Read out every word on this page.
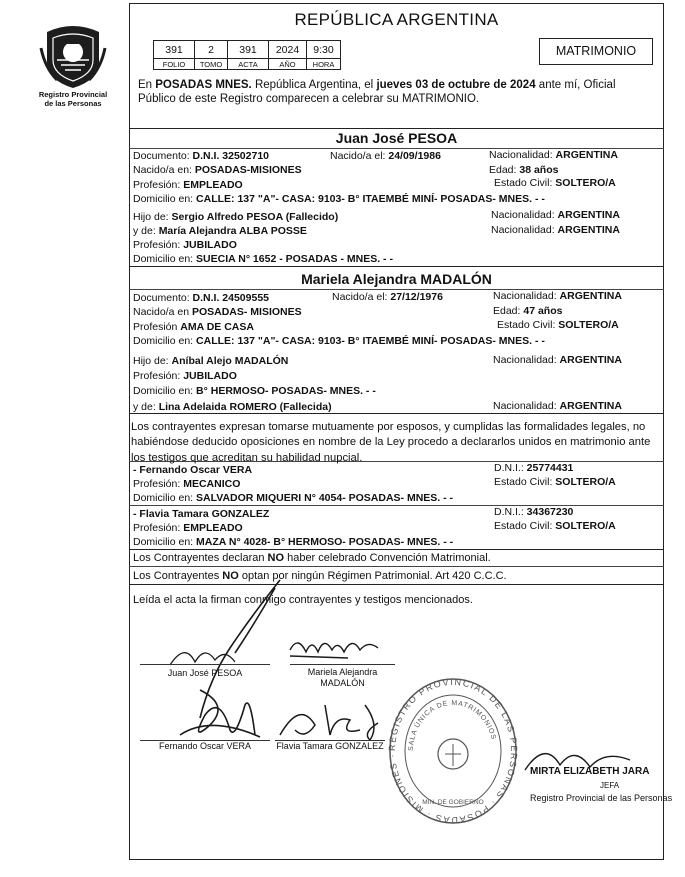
Registro Provincial
de las Personas
REPÚBLICA ARGENTINA
391	2	391	2024	9:30
FOLIO	TOMO	ACTA	AÑO	HORA
MATRIMONIO
En POSADAS MNES. República Argentina, el jueves 03 de octubre de 2024 ante mí, Oficial
Público de este Registro comparecen a celebrar su MATRIMONIO.
Juan José PESOA
Documento: D.N.I. 32502710	Nacido/a el: 24/09/1986	Nacionalidad: ARGENTINA
Nacido/a en: POSADAS-MISIONES	Edad: 38 años
Profesión: EMPLEADO	Estado Civil: SOLTERO/A
Domicilio en: CALLE: 137 "A"- CASA: 9103- B° ITAEMBÉ MINÍ- POSADAS- MNES. - -
Hijo de: Sergio Alfredo PESOA (Fallecido)	Nacionalidad: ARGENTINA
y de: María Alejandra ALBA POSSE	Nacionalidad: ARGENTINA
Profesión: JUBILADO
Domicilio en: SUECIA N° 1652 - POSADAS - MNES. - -
Mariela Alejandra MADALÓN
Documento: D.N.I. 24509555	Nacido/a el: 27/12/1976	Nacionalidad: ARGENTINA
Nacido/a en POSADAS- MISIONES	Edad: 47 años
Profesión AMA DE CASA	Estado Civil: SOLTERO/A
Domicilio en: CALLE: 137 "A"- CASA: 9103- B° ITAEMBÉ MINÍ- POSADAS- MNES. - -
Hijo de: Aníbal Alejo MADALÓN	Nacionalidad: ARGENTINA
Profesión: JUBILADO
Domicilio en: B° HERMOSO- POSADAS- MNES. - -
y de: Lina Adelaida ROMERO (Fallecida)	Nacionalidad: ARGENTINA
Los contrayentes expresan tomarse mutuamente por esposos, y cumplidas las formalidades legales, no
habiéndose deducido oposiciones en nombre de la Ley procedo a declararlos unidos en matrimonio ante
los testigos que acreditan su habilidad nupcial.
- Fernando Oscar VERA	D.N.I.: 25774431
Profesión: MECANICO	Estado Civil: SOLTERO/A
Domicilio en: SALVADOR MIQUERI N° 4054- POSADAS- MNES. - -
- Flavia Tamara GONZALEZ	D.N.I.: 34367230
Profesión: EMPLEADO	Estado Civil: SOLTERO/A
Domicilio en: MAZA N° 4028- B° HERMOSO- POSADAS- MNES. - -
Los Contrayentes declaran NO haber celebrado Convención Matrimonial.
Los Contrayentes NO optan por ningún Régimen Patrimonial. Art 420 C.C.C.
Leída el acta la firman conmigo contrayentes y testigos mencionados.
Juan José PESOA	Mariela Alejandra
MADALÓN
Fernando Oscar VERA	Flavia Tamara GONZALEZ
EGISTRO PROVINCIAL DE LAS P SONAS · POSADAS · MISIONES ·
SALA ÚNICA DE MATRIMONIOS
MIN. DE GOBIERNO
MIRTA ELIZABETH JARA
JEFA
Registro Provincial de las Personas
